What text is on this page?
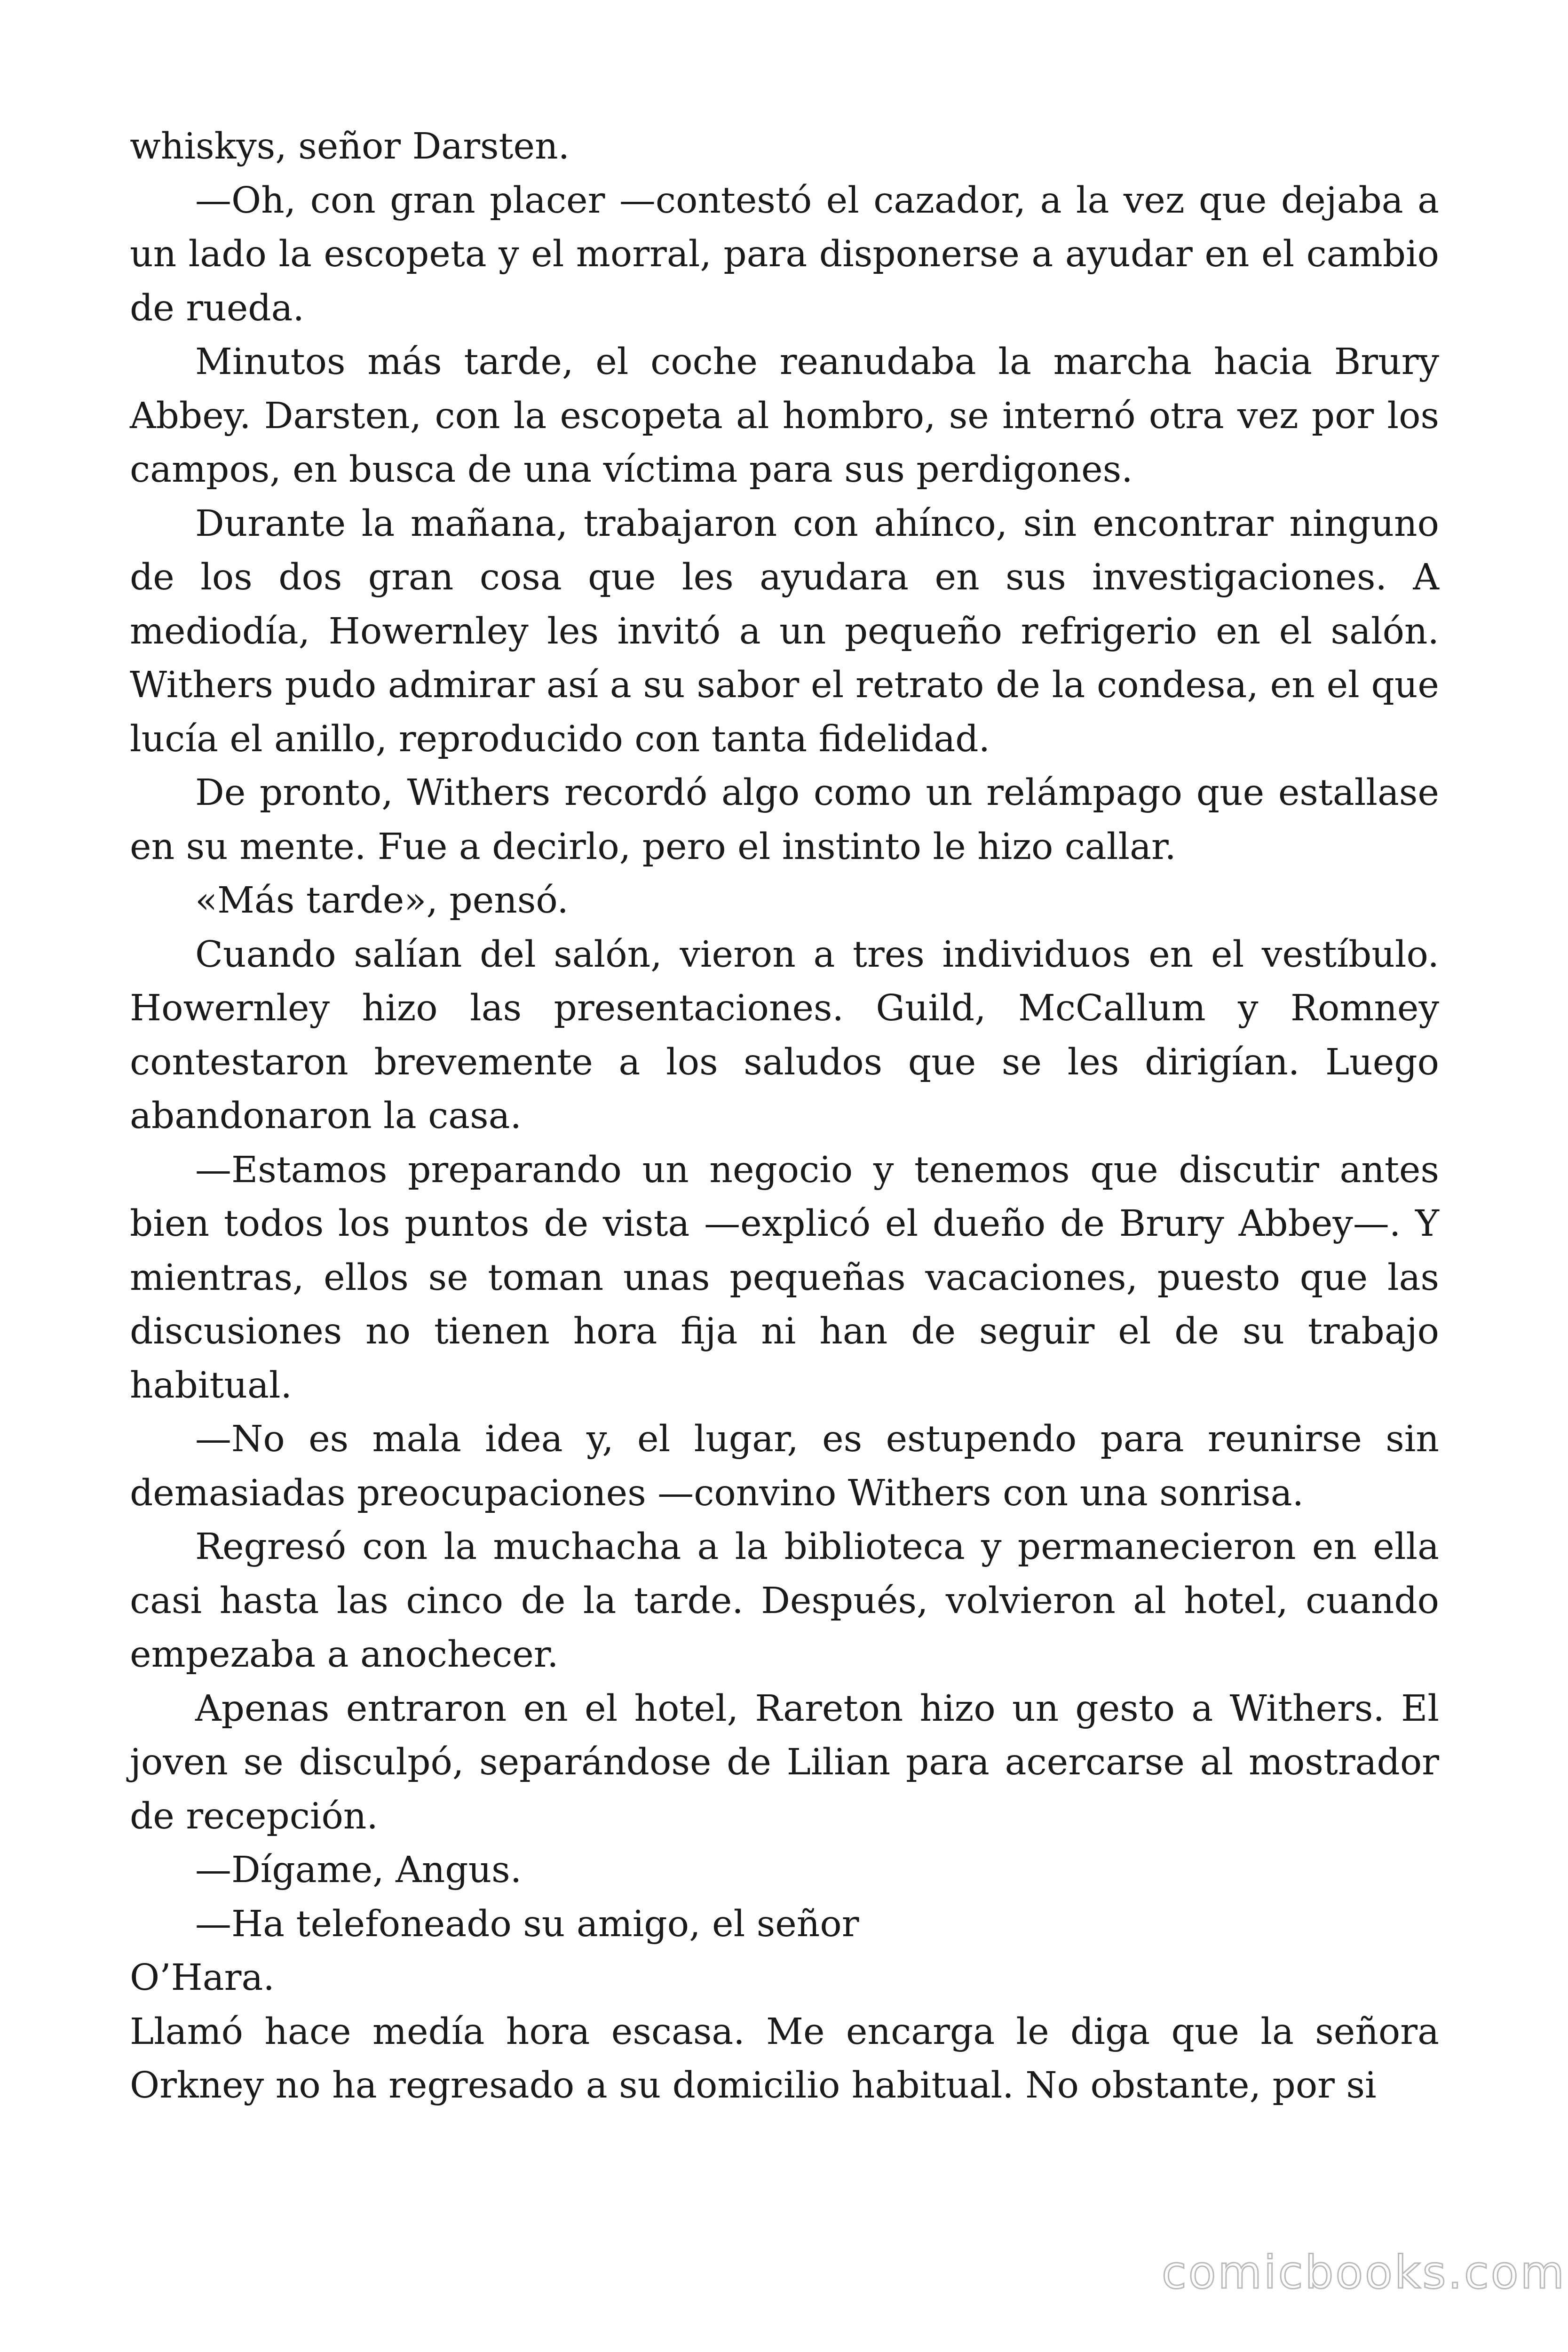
whiskys, señor Darsten.

—Oh, con gran placer —contestó el cazador, a la vez que dejaba a un lado la escopeta y el morral, para disponerse a ayudar en el cambio de rueda.

Minutos más tarde, el coche reanudaba la marcha hacia Brury Abbey. Darsten, con la escopeta al hombro, se internó otra vez por los campos, en busca de una víctima para sus perdigones.

Durante la mañana, trabajaron con ahínco, sin encontrar ninguno de los dos gran cosa que les ayudara en sus investigaciones. A mediodía, Howernley les invitó a un pequeño refrigerio en el salón. Withers pudo admirar así a su sabor el retrato de la condesa, en el que lucía el anillo, reproducido con tanta fidelidad.

De pronto, Withers recordó algo como un relámpago que estallase en su mente. Fue a decirlo, pero el instinto le hizo callar.

«Más tarde», pensó.

Cuando salían del salón, vieron a tres individuos en el vestíbulo. Howernley hizo las presentaciones. Guild, McCallum y Romney contestaron brevemente a los saludos que se les dirigían. Luego abandonaron la casa.

—Estamos preparando un negocio y tenemos que discutir antes bien todos los puntos de vista —explicó el dueño de Brury Abbey—. Y mientras, ellos se toman unas pequeñas vacaciones, puesto que las discusiones no tienen hora fija ni han de seguir el de su trabajo habitual.

—No es mala idea y, el lugar, es estupendo para reunirse sin demasiadas preocupaciones —convino Withers con una sonrisa.

Regresó con la muchacha a la biblioteca y permanecieron en ella casi hasta las cinco de la tarde. Después, volvieron al hotel, cuando empezaba a anochecer.

Apenas entraron en el hotel, Rareton hizo un gesto a Withers. El joven se disculpó, separándose de Lilian para acercarse al mostrador de recepción.

—Dígame, Angus.

—Ha telefoneado su amigo, el señor

O’Hara.

Llamó hace medía hora escasa. Me encarga le diga que la señora Orkney no ha regresado a su domicilio habitual. No obstante, por si

comicbooks.com
